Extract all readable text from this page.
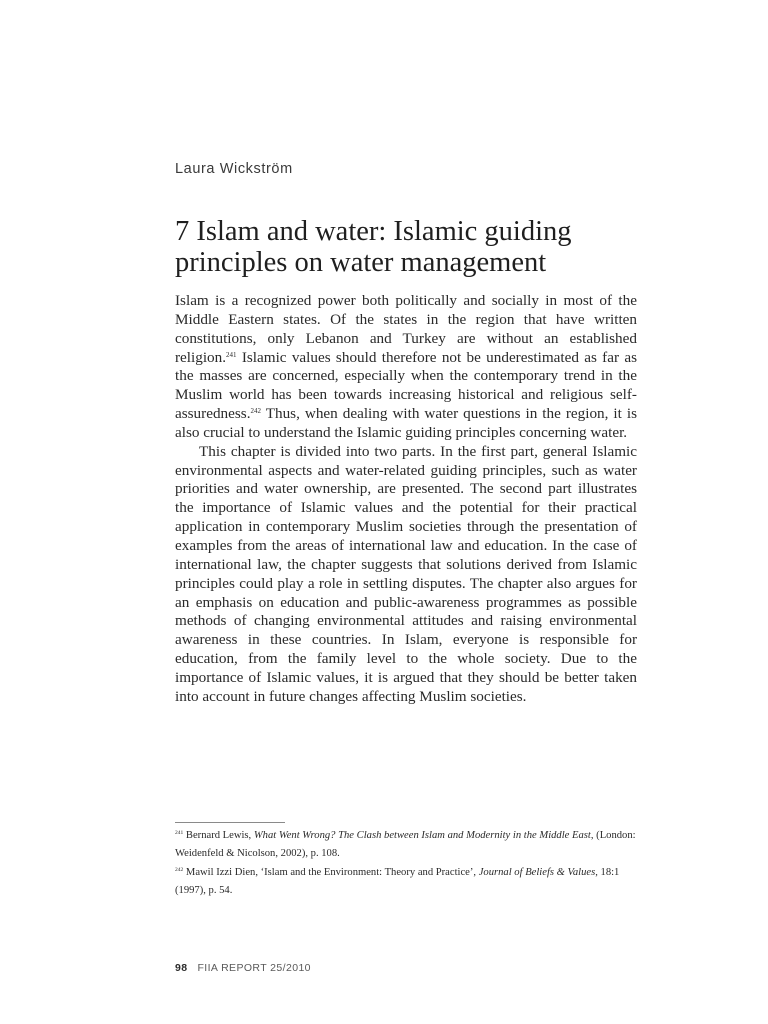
Laura Wickström
7 Islam and water: Islamic guiding principles on water management

Islam is a recognized power both politically and socially in most of the Middle Eastern states. Of the states in the region that have written constitutions, only Lebanon and Turkey are without an established religion.$^{241}$ Islamic values should therefore not be underestimated as far as the masses are concerned, especially when the contemporary trend in the Muslim world has been towards increasing historical and religious self-assuredness.$^{242}$ Thus, when dealing with water questions in the region, it is also crucial to understand the Islamic guiding principles concerning water.

This chapter is divided into two parts. In the first part, general Islamic environmental aspects and water-related guiding principles, such as water priorities and water ownership, are presented. The second part illustrates the importance of Islamic values and the potential for their practical application in contemporary Muslim societies through the presentation of examples from the areas of international law and education. In the case of international law, the chapter suggests that solutions derived from Islamic principles could play a role in settling disputes. The chapter also argues for an emphasis on education and public-awareness programmes as possible methods of changing environmental attitudes and raising environmental awareness in these countries. In Islam, everyone is responsible for education, from the family level to the whole society. Due to the importance of Islamic values, it is argued that they should be better taken into account in future changes affecting Muslim societies.

$^{241}$ Bernard Lewis, What Went Wrong? The Clash between Islam and Modernity in the Middle East, (London: Weidenfeld & Nicolson, 2002), p. 108.

$^{242}$ Mawil Izzi Dien, ‘Islam and the Environment: Theory and Practice’, Journal of Beliefs & Values, 18:1 (1997), p. 54.

98 FIIA REPORT 25/2010
